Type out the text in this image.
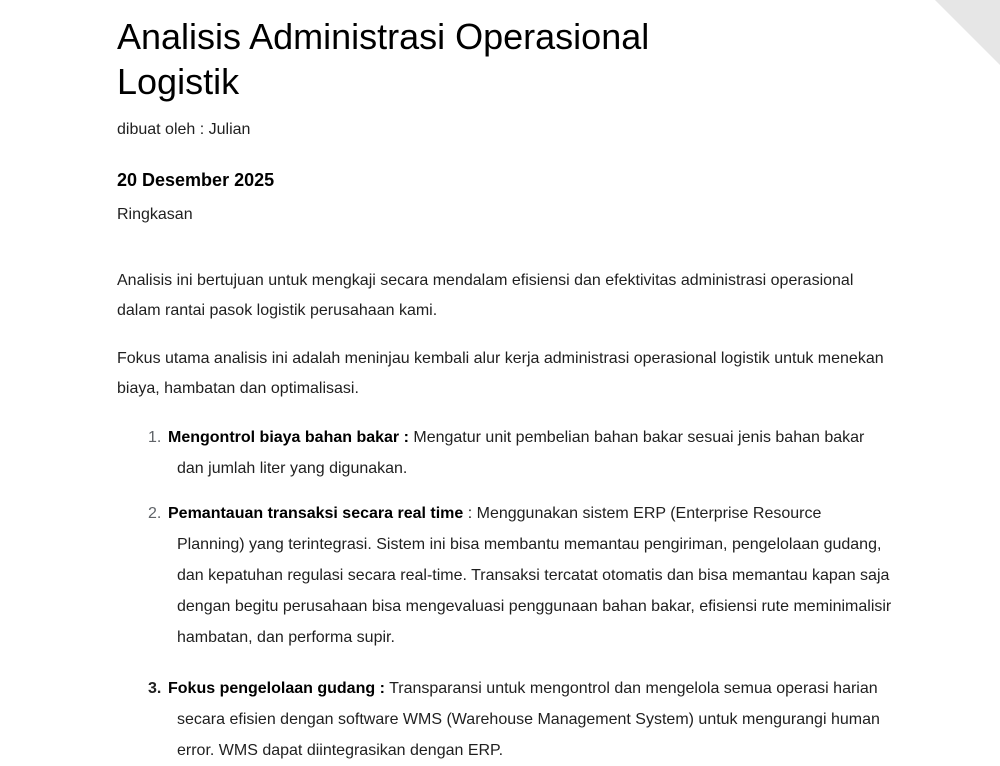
Analisis Administrasi Operasional Logistik
dibuat oleh : Julian
20 Desember 2025
Ringkasan

Analisis ini bertujuan untuk mengkaji secara mendalam efisiensi dan efektivitas administrasi operasional dalam rantai pasok logistik perusahaan kami.

Fokus utama analisis ini adalah meninjau kembali alur kerja administrasi operasional logistik untuk menekan biaya, hambatan dan optimalisasi.

1. Mengontrol biaya bahan bakar : Mengatur unit pembelian bahan bakar sesuai jenis bahan bakar dan jumlah liter yang digunakan.
2. Pemantauan transaksi secara real time : Menggunakan sistem ERP (Enterprise Resource Planning) yang terintegrasi. Sistem ini bisa membantu memantau pengiriman, pengelolaan gudang, dan kepatuhan regulasi secara real-time. Transaksi tercatat otomatis dan bisa memantau kapan saja dengan begitu perusahaan bisa mengevaluasi penggunaan bahan bakar, efisiensi rute meminimalisir hambatan, dan performa supir.
3. Fokus pengelolaan gudang : Transparansi untuk mengontrol dan mengelola semua operasi harian secara efisien dengan software WMS (Warehouse Management System) untuk mengurangi human error. WMS dapat diintegrasikan dengan ERP.
